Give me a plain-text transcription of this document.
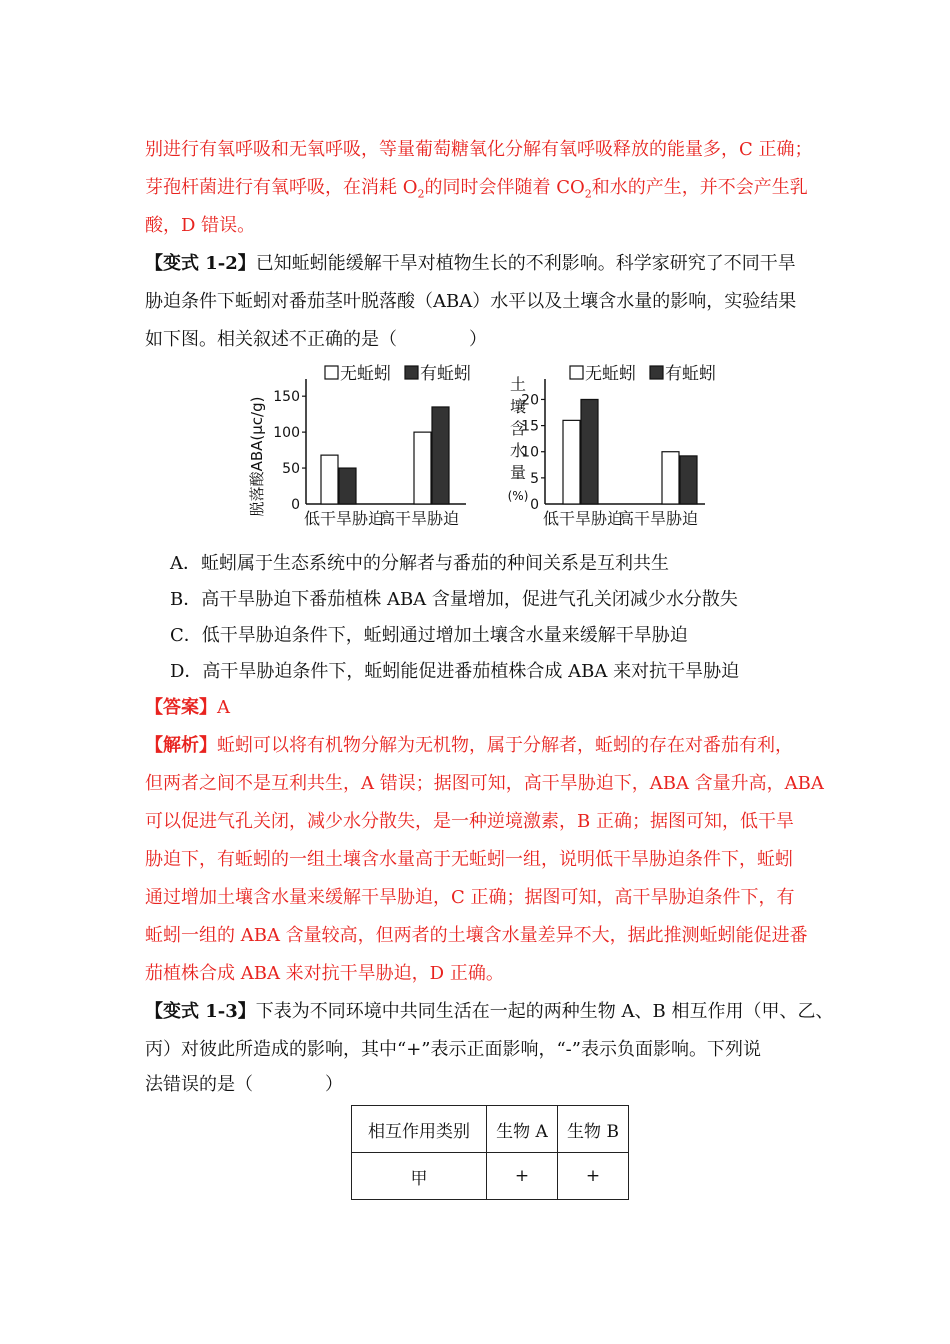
别进行有氧呼吸和无氧呼吸，等量葡萄糖氧化分解有氧呼吸释放的能量多，C 正确；
芽孢杆菌进行有氧呼吸，在消耗 $O_2$的同时会伴随着 $CO_2$和水的产生，并不会产生乳
酸，D 错误。
【变式 1-2】已知蚯蚓能缓解干旱对植物生长的不利影响。科学家研究了不同干旱
胁迫条件下蚯蚓对番茄茎叶脱落酸（ABA）水平以及土壤含水量的影响，实验结果
如下图。相关叙述不正确的是（　　　　）
0
50
100
150
脱落酸ABA(μc/g)
低干旱胁迫
高干旱胁迫
无蚯蚓 有蚯蚓
0
5
10
15
20
土
壤
含
水
量
(%)
低干旱胁迫
高干旱胁迫
无蚯蚓 有蚯蚓
A．蚯蚓属于生态系统中的分解者与番茄的种间关系是互利共生
B．高干旱胁迫下番茄植株 ABA 含量增加，促进气孔关闭减少水分散失
C．低干旱胁迫条件下，蚯蚓通过增加土壤含水量来缓解干旱胁迫
D．高干旱胁迫条件下，蚯蚓能促进番茄植株合成 ABA 来对抗干旱胁迫
【答案】A
【解析】蚯蚓可以将有机物分解为无机物，属于分解者，蚯蚓的存在对番茄有利，
但两者之间不是互利共生，A 错误；据图可知，高干旱胁迫下，ABA 含量升高，ABA
可以促进气孔关闭，减少水分散失，是一种逆境激素，B 正确；据图可知，低干旱
胁迫下，有蚯蚓的一组土壤含水量高于无蚯蚓一组，说明低干旱胁迫条件下，蚯蚓
通过增加土壤含水量来缓解干旱胁迫，C 正确；据图可知，高干旱胁迫条件下，有
蚯蚓一组的 ABA 含量较高，但两者的土壤含水量差异不大，据此推测蚯蚓能促进番
茄植株合成 ABA 来对抗干旱胁迫，D 正确。
【变式 1-3】下表为不同环境中共同生活在一起的两种生物 A、B 相互作用（甲、乙、
丙）对彼此所造成的影响，其中“+”表示正面影响，“-”表示负面影响。下列说
法错误的是（　　　　）
相互作用类别	生物 A	生物 B
甲	+	+
